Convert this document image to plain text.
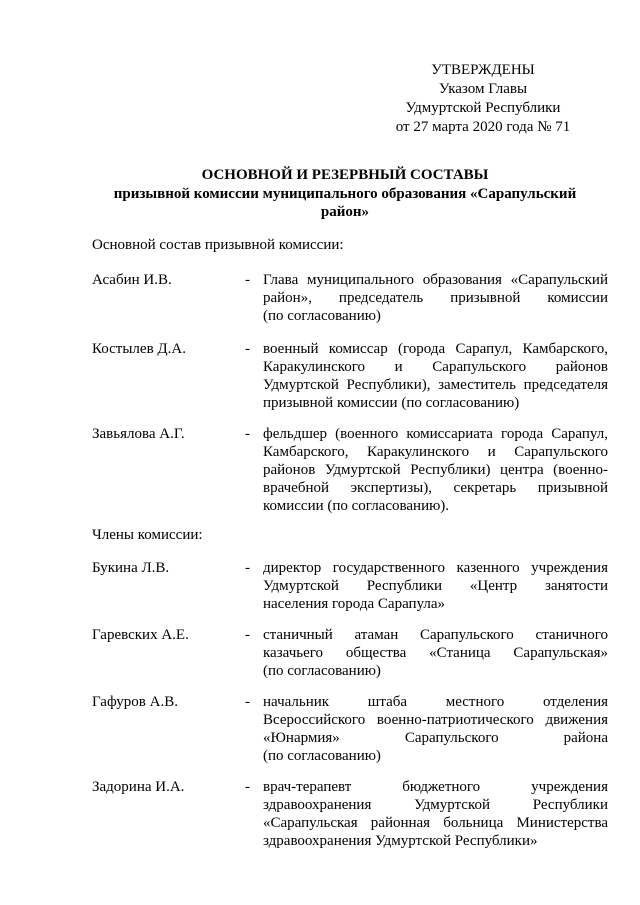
УТВЕРЖДЕНЫ
Указом Главы
Удмуртской Республики
от 27 марта 2020 года № 71
ОСНОВНОЙ И РЕЗЕРВНЫЙ СОСТАВЫ
призывной комиссии муниципального образования «Сарапульский район»
Основной состав призывной комиссии:
Асабин И.В.	- Глава муниципального образования «Сарапульский
район», председатель призывной комиссии
(по согласованию)
Костылев Д.А.	- военный комиссар (города Сарапул, Камбарского,
Каракулинского и Сарапульского районов
Удмуртской Республики), заместитель председателя
призывной комиссии (по согласованию)
Завьялова А.Г.	- фельдшер (военного комиссариата города Сарапул,
Камбарского, Каракулинского и Сарапульского
районов Удмуртской Республики) центра (военно-
врачебной экспертизы), секретарь призывной
комиссии (по согласованию).
Члены комиссии:
Букина Л.В.	- директор государственного казенного учреждения
Удмуртской Республики «Центр занятости
населения города Сарапула»
Гаревских А.Е.	- станичный атаман Сарапульского станичного
казачьего общества «Станица Сарапульская»
(по согласованию)
Гафуров А.В.	- начальник штаба местного отделения
Всероссийского военно-патриотического движения
«Юнармия» Сарапульского района
(по согласованию)
Задорина И.А.	- врач-терапевт бюджетного учреждения
здравоохранения Удмуртской Республики
«Сарапульская районная больница Министерства
здравоохранения Удмуртской Республики»
